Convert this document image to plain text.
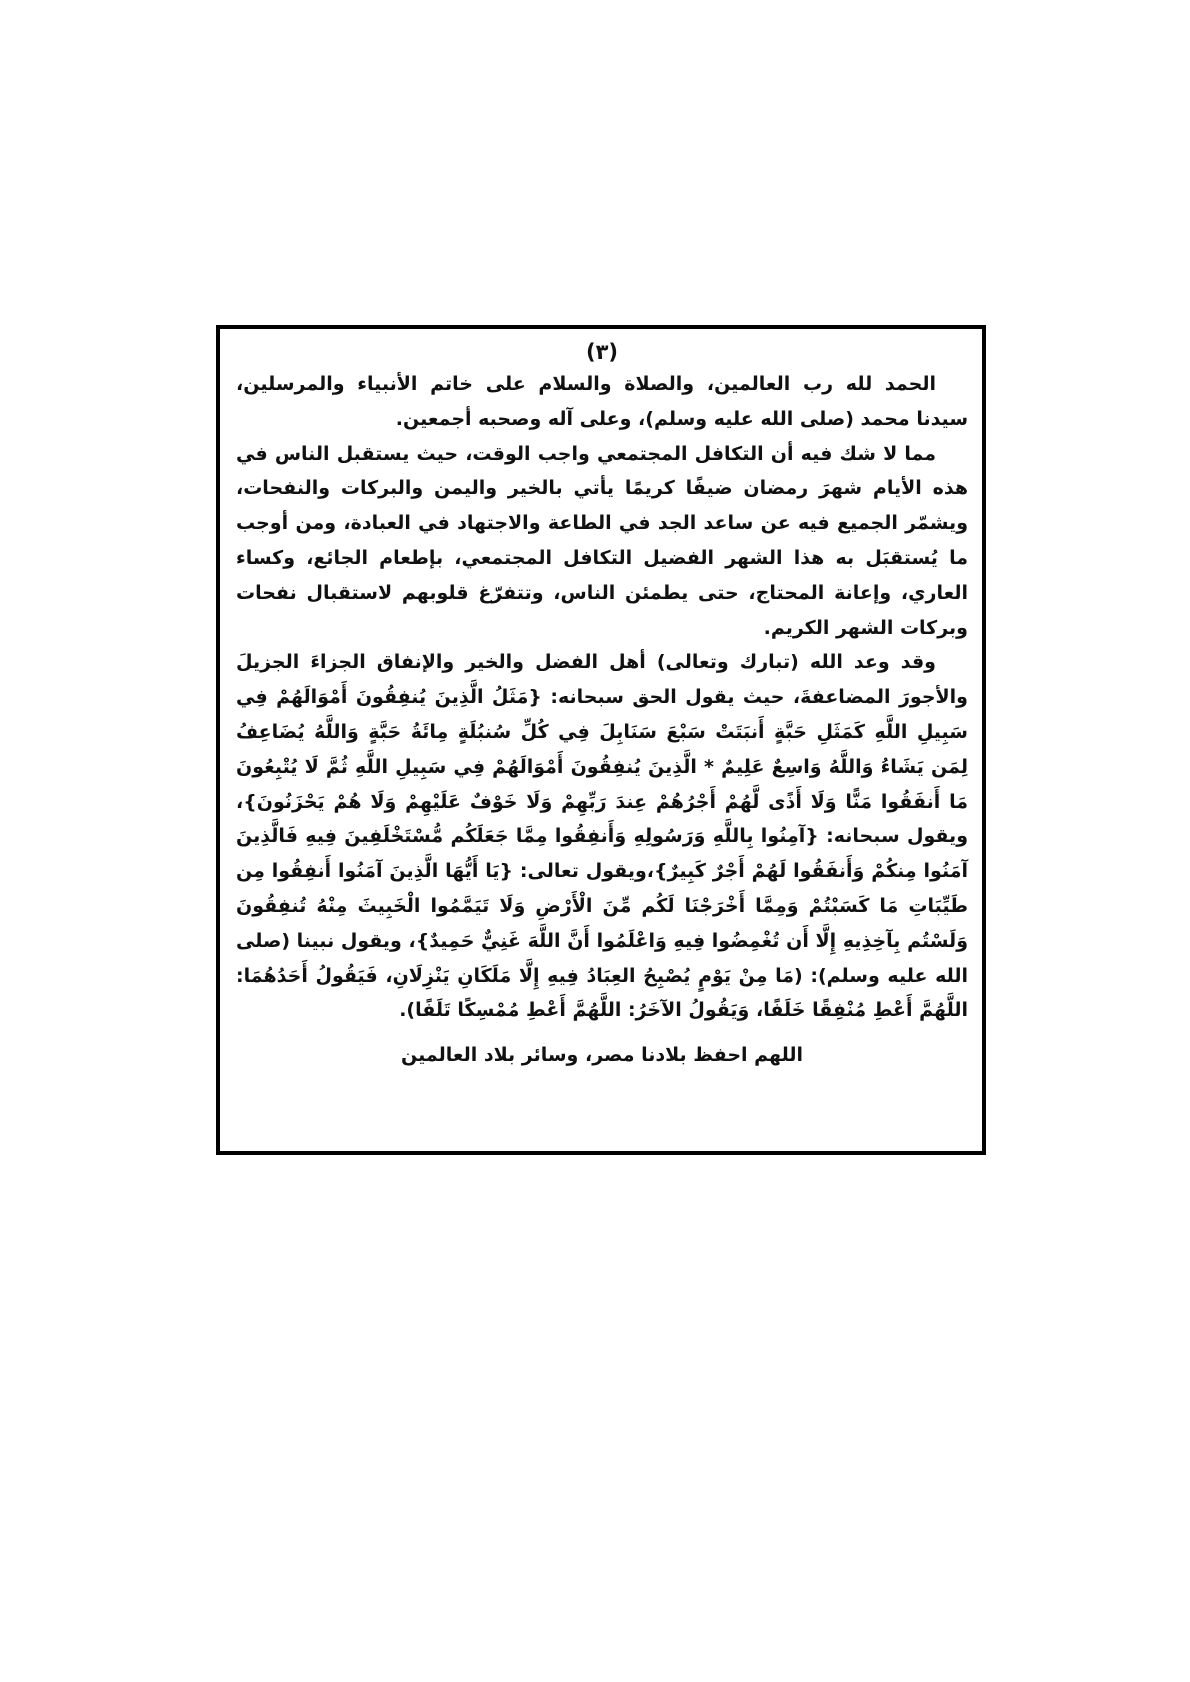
(٣)

الحمد لله رب العالمين، والصلاة والسلام على خاتم الأنبياء والمرسلين، سيدنا محمد (صلى الله عليه وسلم)، وعلى آله وصحبه أجمعين.

مما لا شك فيه أن التكافل المجتمعي واجب الوقت، حيث يستقبل الناس في هذه الأيام شهرَ رمضان ضيفًا كريمًا يأتي بالخير واليمن والبركات والنفحات، ويشمّر الجميع فيه عن ساعد الجد في الطاعة والاجتهاد في العبادة، ومن أوجب ما يُستقبَل به هذا الشهر الفضيل التكافل المجتمعي، بإطعام الجائع، وكساء العاري، وإعانة المحتاج، حتى يطمئن الناس، وتتفرّغ قلوبهم لاستقبال نفحات وبركات الشهر الكريم.

وقد وعد الله (تبارك وتعالى) أهل الفضل والخير والإنفاق الجزاءَ الجزيلَ والأجورَ المضاعفةَ، حيث يقول الحق سبحانه: {مَثَلُ الَّذِينَ يُنفِقُونَ أَمْوَالَهُمْ فِي سَبِيلِ اللَّهِ كَمَثَلِ حَبَّةٍ أَنبَتَتْ سَبْعَ سَنَابِلَ فِي كُلِّ سُنبُلَةٍ مِائَةُ حَبَّةٍ وَاللَّهُ يُضَاعِفُ لِمَن يَشَاءُ وَاللَّهُ وَاسِعٌ عَلِيمٌ * الَّذِينَ يُنفِقُونَ أَمْوَالَهُمْ فِي سَبِيلِ اللَّهِ ثُمَّ لَا يُتْبِعُونَ مَا أَنفَقُوا مَنًّا وَلَا أَذًى لَّهُمْ أَجْرُهُمْ عِندَ رَبِّهِمْ وَلَا خَوْفٌ عَلَيْهِمْ وَلَا هُمْ يَحْزَنُونَ}، ويقول سبحانه: {آمِنُوا بِاللَّهِ وَرَسُولِهِ وَأَنفِقُوا مِمَّا جَعَلَكُم مُّسْتَخْلَفِينَ فِيهِ فَالَّذِينَ آمَنُوا مِنكُمْ وَأَنفَقُوا لَهُمْ أَجْرٌ كَبِيرٌ}،ويقول تعالى: {يَا أَيُّهَا الَّذِينَ آمَنُوا أَنفِقُوا مِن طَيِّبَاتِ مَا كَسَبْتُمْ وَمِمَّا أَخْرَجْنَا لَكُم مِّنَ الْأَرْضِ وَلَا تَيَمَّمُوا الْخَبِيثَ مِنْهُ تُنفِقُونَ وَلَسْتُم بِآخِذِيهِ إِلَّا أَن تُغْمِضُوا فِيهِ وَاعْلَمُوا أَنَّ اللَّهَ غَنِيٌّ حَمِيدٌ}، ويقول نبينا (صلى الله عليه وسلم): (مَا مِنْ يَوْمٍ يُصْبِحُ العِبَادُ فِيهِ إِلَّا مَلَكَانِ يَنْزِلَانِ، فَيَقُولُ أَحَدُهُمَا: اللَّهُمَّ أَعْطِ مُنْفِقًا خَلَفًا، وَيَقُولُ الآخَرُ: اللَّهُمَّ أَعْطِ مُمْسِكًا تَلَفًا).

اللهم احفظ بلادنا مصر، وسائر بلاد العالمين
